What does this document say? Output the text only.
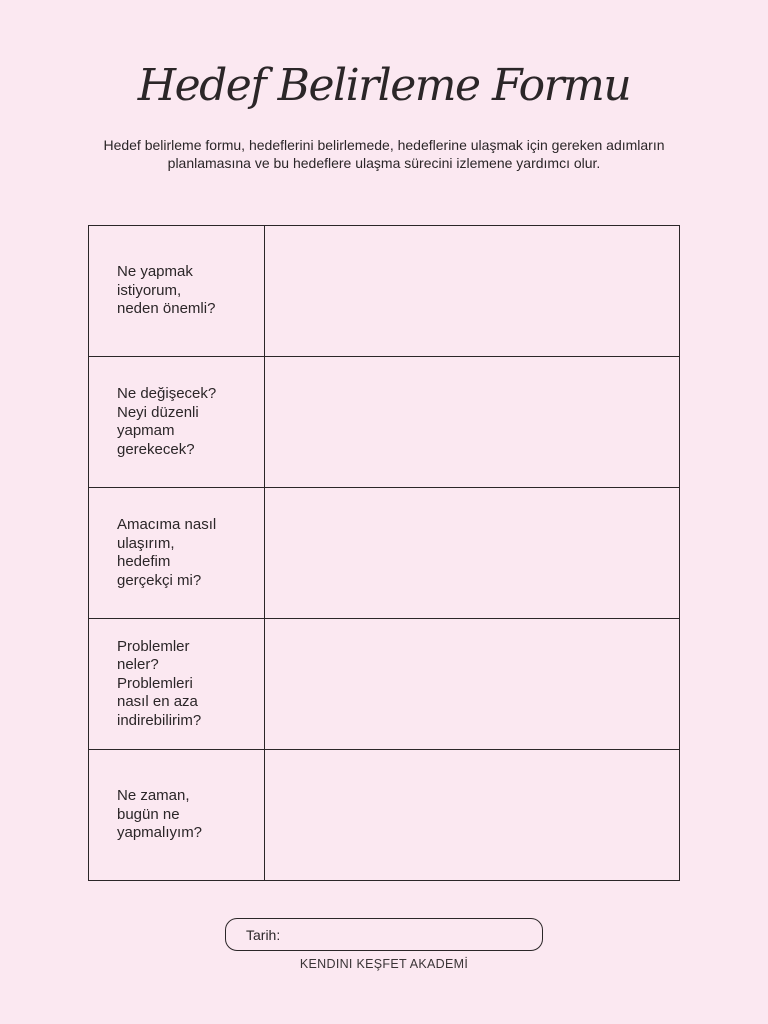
Hedef Belirleme Formu

Hedef belirleme formu, hedeflerini belirlemede, hedeflerine ulaşmak için gereken adımların planlamasına ve bu hedeflere ulaşma sürecini izlemene yardımcı olur.

Ne yapmak
istiyorum,
neden önemli?
Ne değişecek?
Neyi düzenli
yapmam
gerekecek?
Amacıma nasıl
ulaşırım,
hedefim
gerçekçi mi?
Problemler
neler?
Problemleri
nasıl en aza
indirebilirim?
Ne zaman,
bugün ne
yapmalıyım?
Tarih:
KENDINI KEŞFET AKADEMİ
